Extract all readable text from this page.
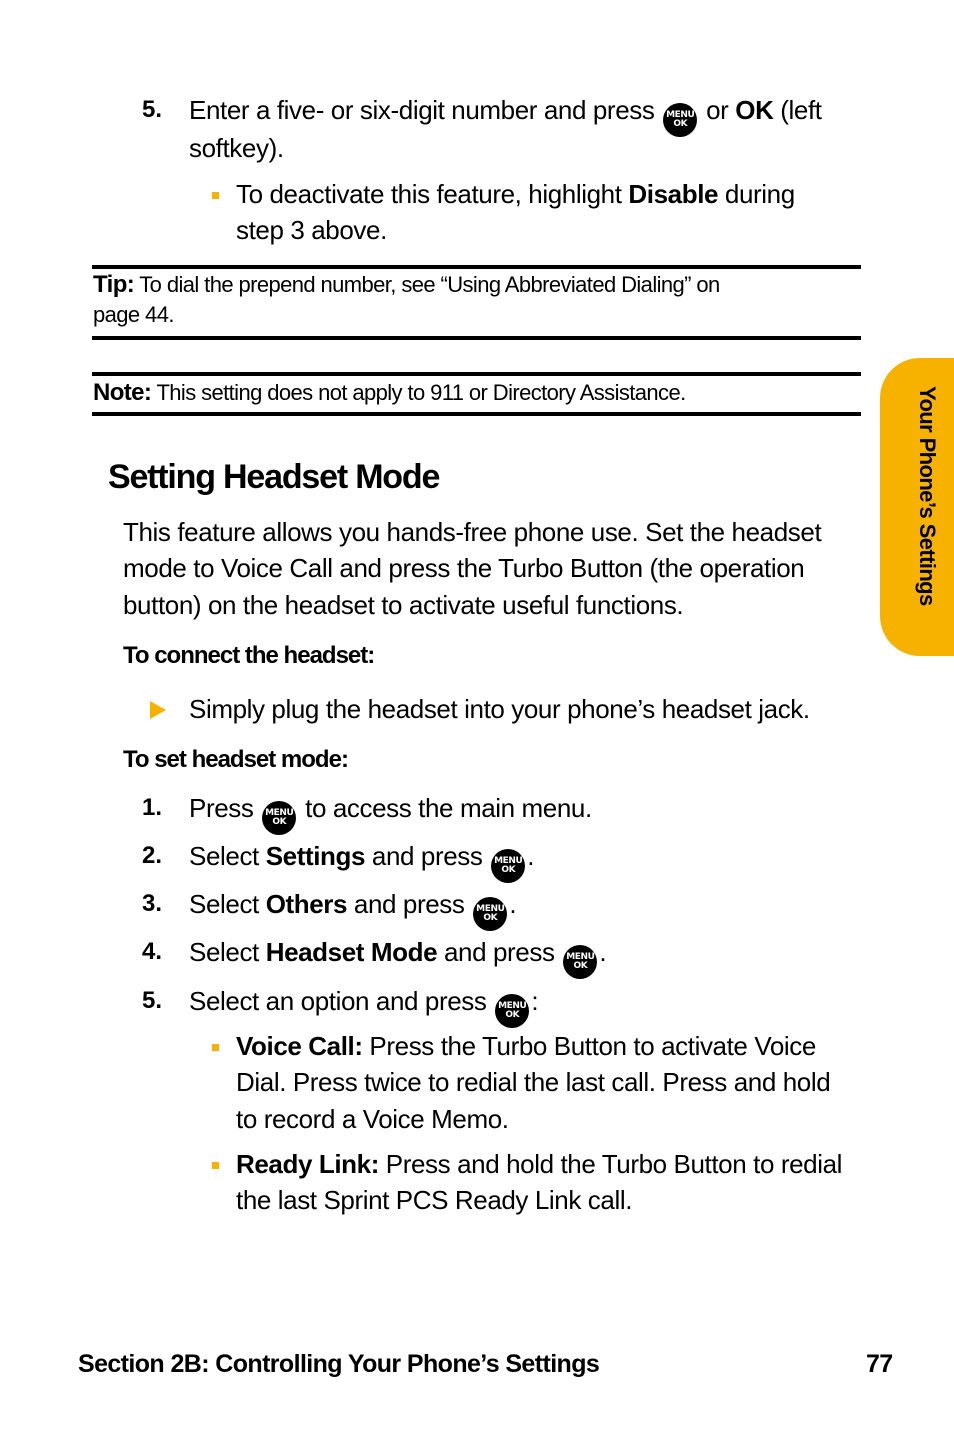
5. Enter a five- or six-digit number and press	MENU
OK or OK (left
softkey).
To deactivate this feature, highlight Disable during
step 3 above.
Tip: To dial the prepend number, see “Using Abbreviated Dialing” on
page 44.
Note: This setting does not apply to 911 or Directory Assistance.
Setting Headset Mode
This feature allows you hands-free phone use. Set the headset
mode to Voice Call and press the Turbo Button (the operation
button) on the headset to activate useful functions.
To connect the headset:
Simply plug the headset into your phone’s headset jack.
To set headset mode:
1. Press MENU
OK to access the main menu.
2. Select Settings and press MENU
OK .
3. Select Others and press MENU
OK .
4. Select Headset Mode and press MENU
OK .
5. Select an option and press MENU
OK :
Voice Call: Press the Turbo Button to activate Voice
Dial. Press twice to redial the last call. Press and hold
to record a Voice Memo.
Ready Link: Press and hold the Turbo Button to redial
the last Sprint PCS Ready Link call.
Your Phone’s Settings
Section 2B: Controlling Your Phone’s Settings	77
